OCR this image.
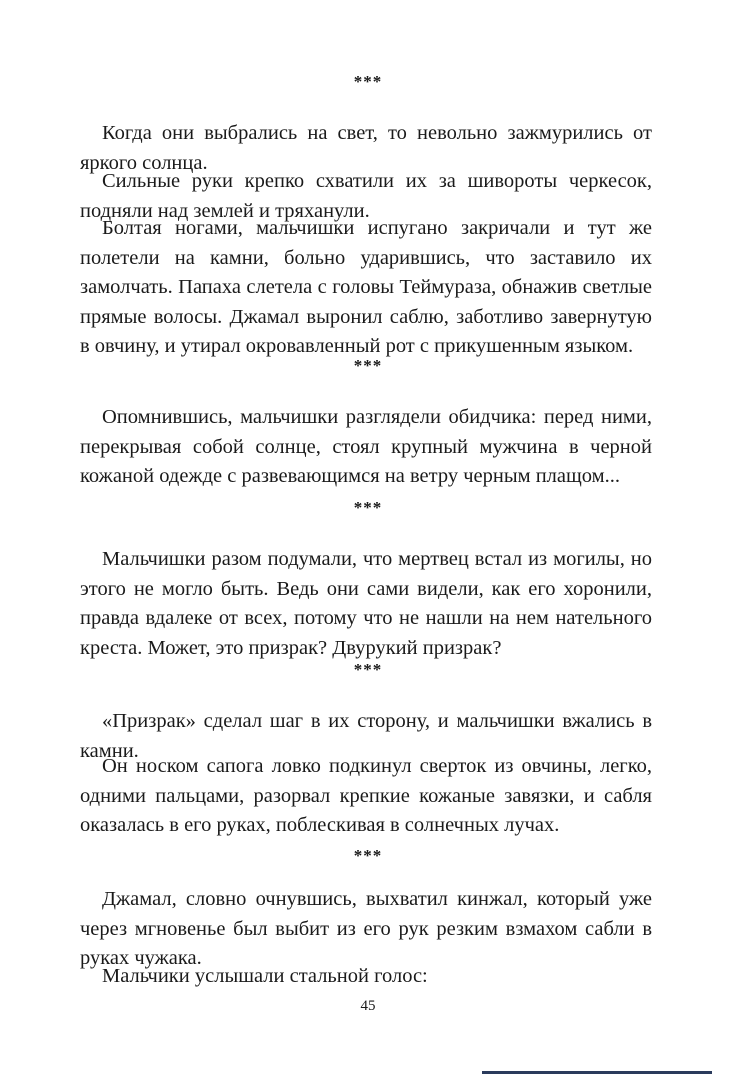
***
Когда они выбрались на свет, то невольно зажмурились от яркого солнца.
Сильные руки крепко схватили их за шивороты черкесок, подняли над землей и тряханули.
Болтая ногами, мальчишки испугано закричали и тут же полетели на камни, больно ударившись, что заставило их замолчать. Папаха слетела с головы Теймураза, обнажив светлые прямые волосы. Джамал выронил саблю, заботливо завернутую в овчину, и утирал окровавленный рот с прикушенным языком.
***
Опомнившись, мальчишки разглядели обидчика: перед ними, перекрывая собой солнце, стоял крупный мужчина в черной кожаной одежде с развевающимся на ветру черным плащом...
***
Мальчишки разом подумали, что мертвец встал из могилы, но этого не могло быть. Ведь они сами видели, как его хоронили, правда вдалеке от всех, потому что не нашли на нем нательного креста. Может, это призрак? Двурукий призрак?
***
«Призрак» сделал шаг в их сторону, и мальчишки вжались в камни.
Он носком сапога ловко подкинул сверток из овчины, легко, одними пальцами, разорвал крепкие кожаные завязки, и сабля оказалась в его руках, поблескивая в солнечных лучах.
***
Джамал, словно очнувшись, выхватил кинжал, который уже через мгновенье был выбит из его рук резким взмахом сабли в руках чужака.
Мальчики услышали стальной голос:
45
